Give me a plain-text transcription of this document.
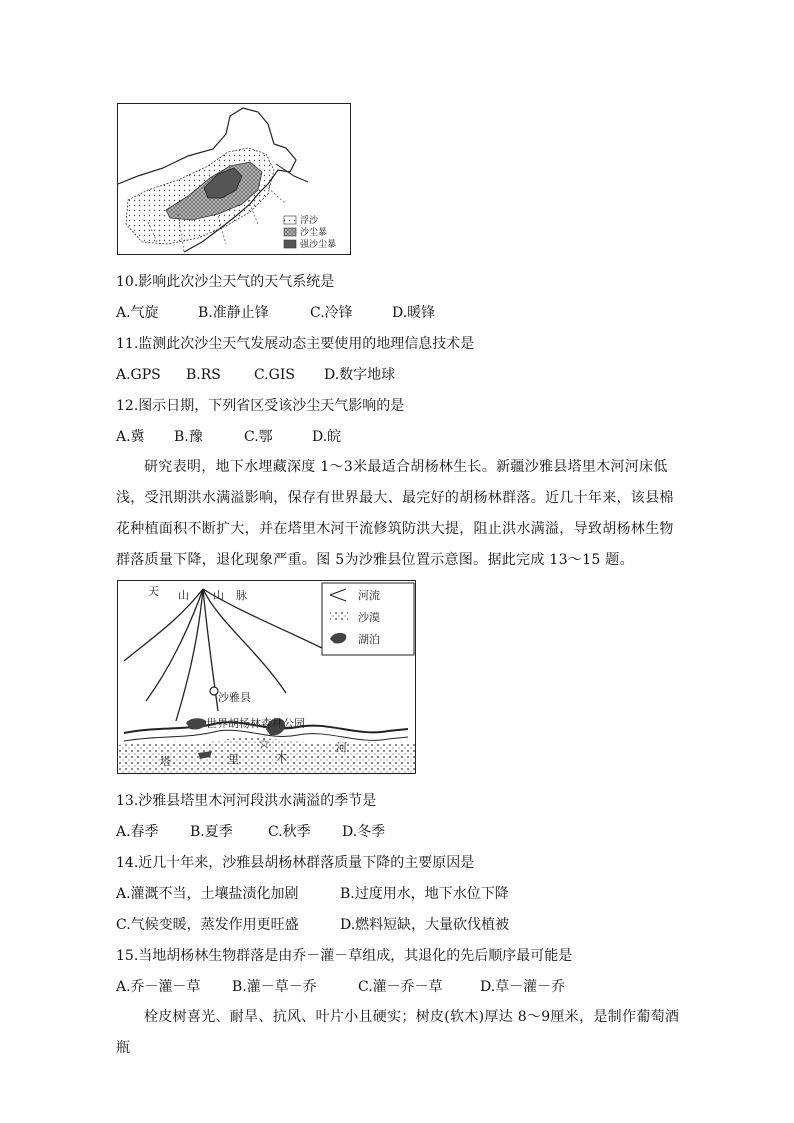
浮沙
沙尘暴
强沙尘暴
10.影响此次沙尘天气的天气系统是
A.气旋	B.准静止锋	C.冷锋	D.暖锋
11.监测此次沙尘天气发展动态主要使用的地理信息技术是
A.GPS B.RS C.GIS D.数字地球
12.图示日期，下列省区受该沙尘天气影响的是
A.冀 B.豫	C.鄂	D.皖
研究表明，地下水埋藏深度 1～3米最适合胡杨林生长。新疆沙雅县塔里木河河床低浅，受汛期洪水满溢影响，保存有世界最大、最完好的胡杨林群落。近几十年来，该县棉花种植面积不断扩大，并在塔里木河干流修筑防洪大提，阻止洪水满溢，导致胡杨林生物群落质量下降，退化现象严重。图 5为沙雅县位置示意图。据此完成 13～15 题。
天 山 山 脉
沙雅县
☆
世界胡杨林森林公园
塔	里	木
河
河流
沙漠
湖泊
13.沙雅县塔里木河河段洪水满溢的季节是
A.春季 B.夏季	C.秋季 D.冬季
14.近几十年来，沙雅县胡杨林群落质量下降的主要原因是
A.灌溉不当，土壤盐渍化加剧	B.过度用水，地下水位下降
C.气候变暖，蒸发作用更旺盛	D.燃料短缺，大量砍伐植被
15.当地胡杨林生物群落是由乔－灌－草组成，其退化的先后顺序最可能是
A.乔－灌－草 B.灌－草－乔	C.灌－乔－草	D.草－灌－乔
栓皮树喜光、耐旱、抗风、叶片小且硬实；树皮(软木)厚达 8～9厘米，是制作葡萄酒瓶
